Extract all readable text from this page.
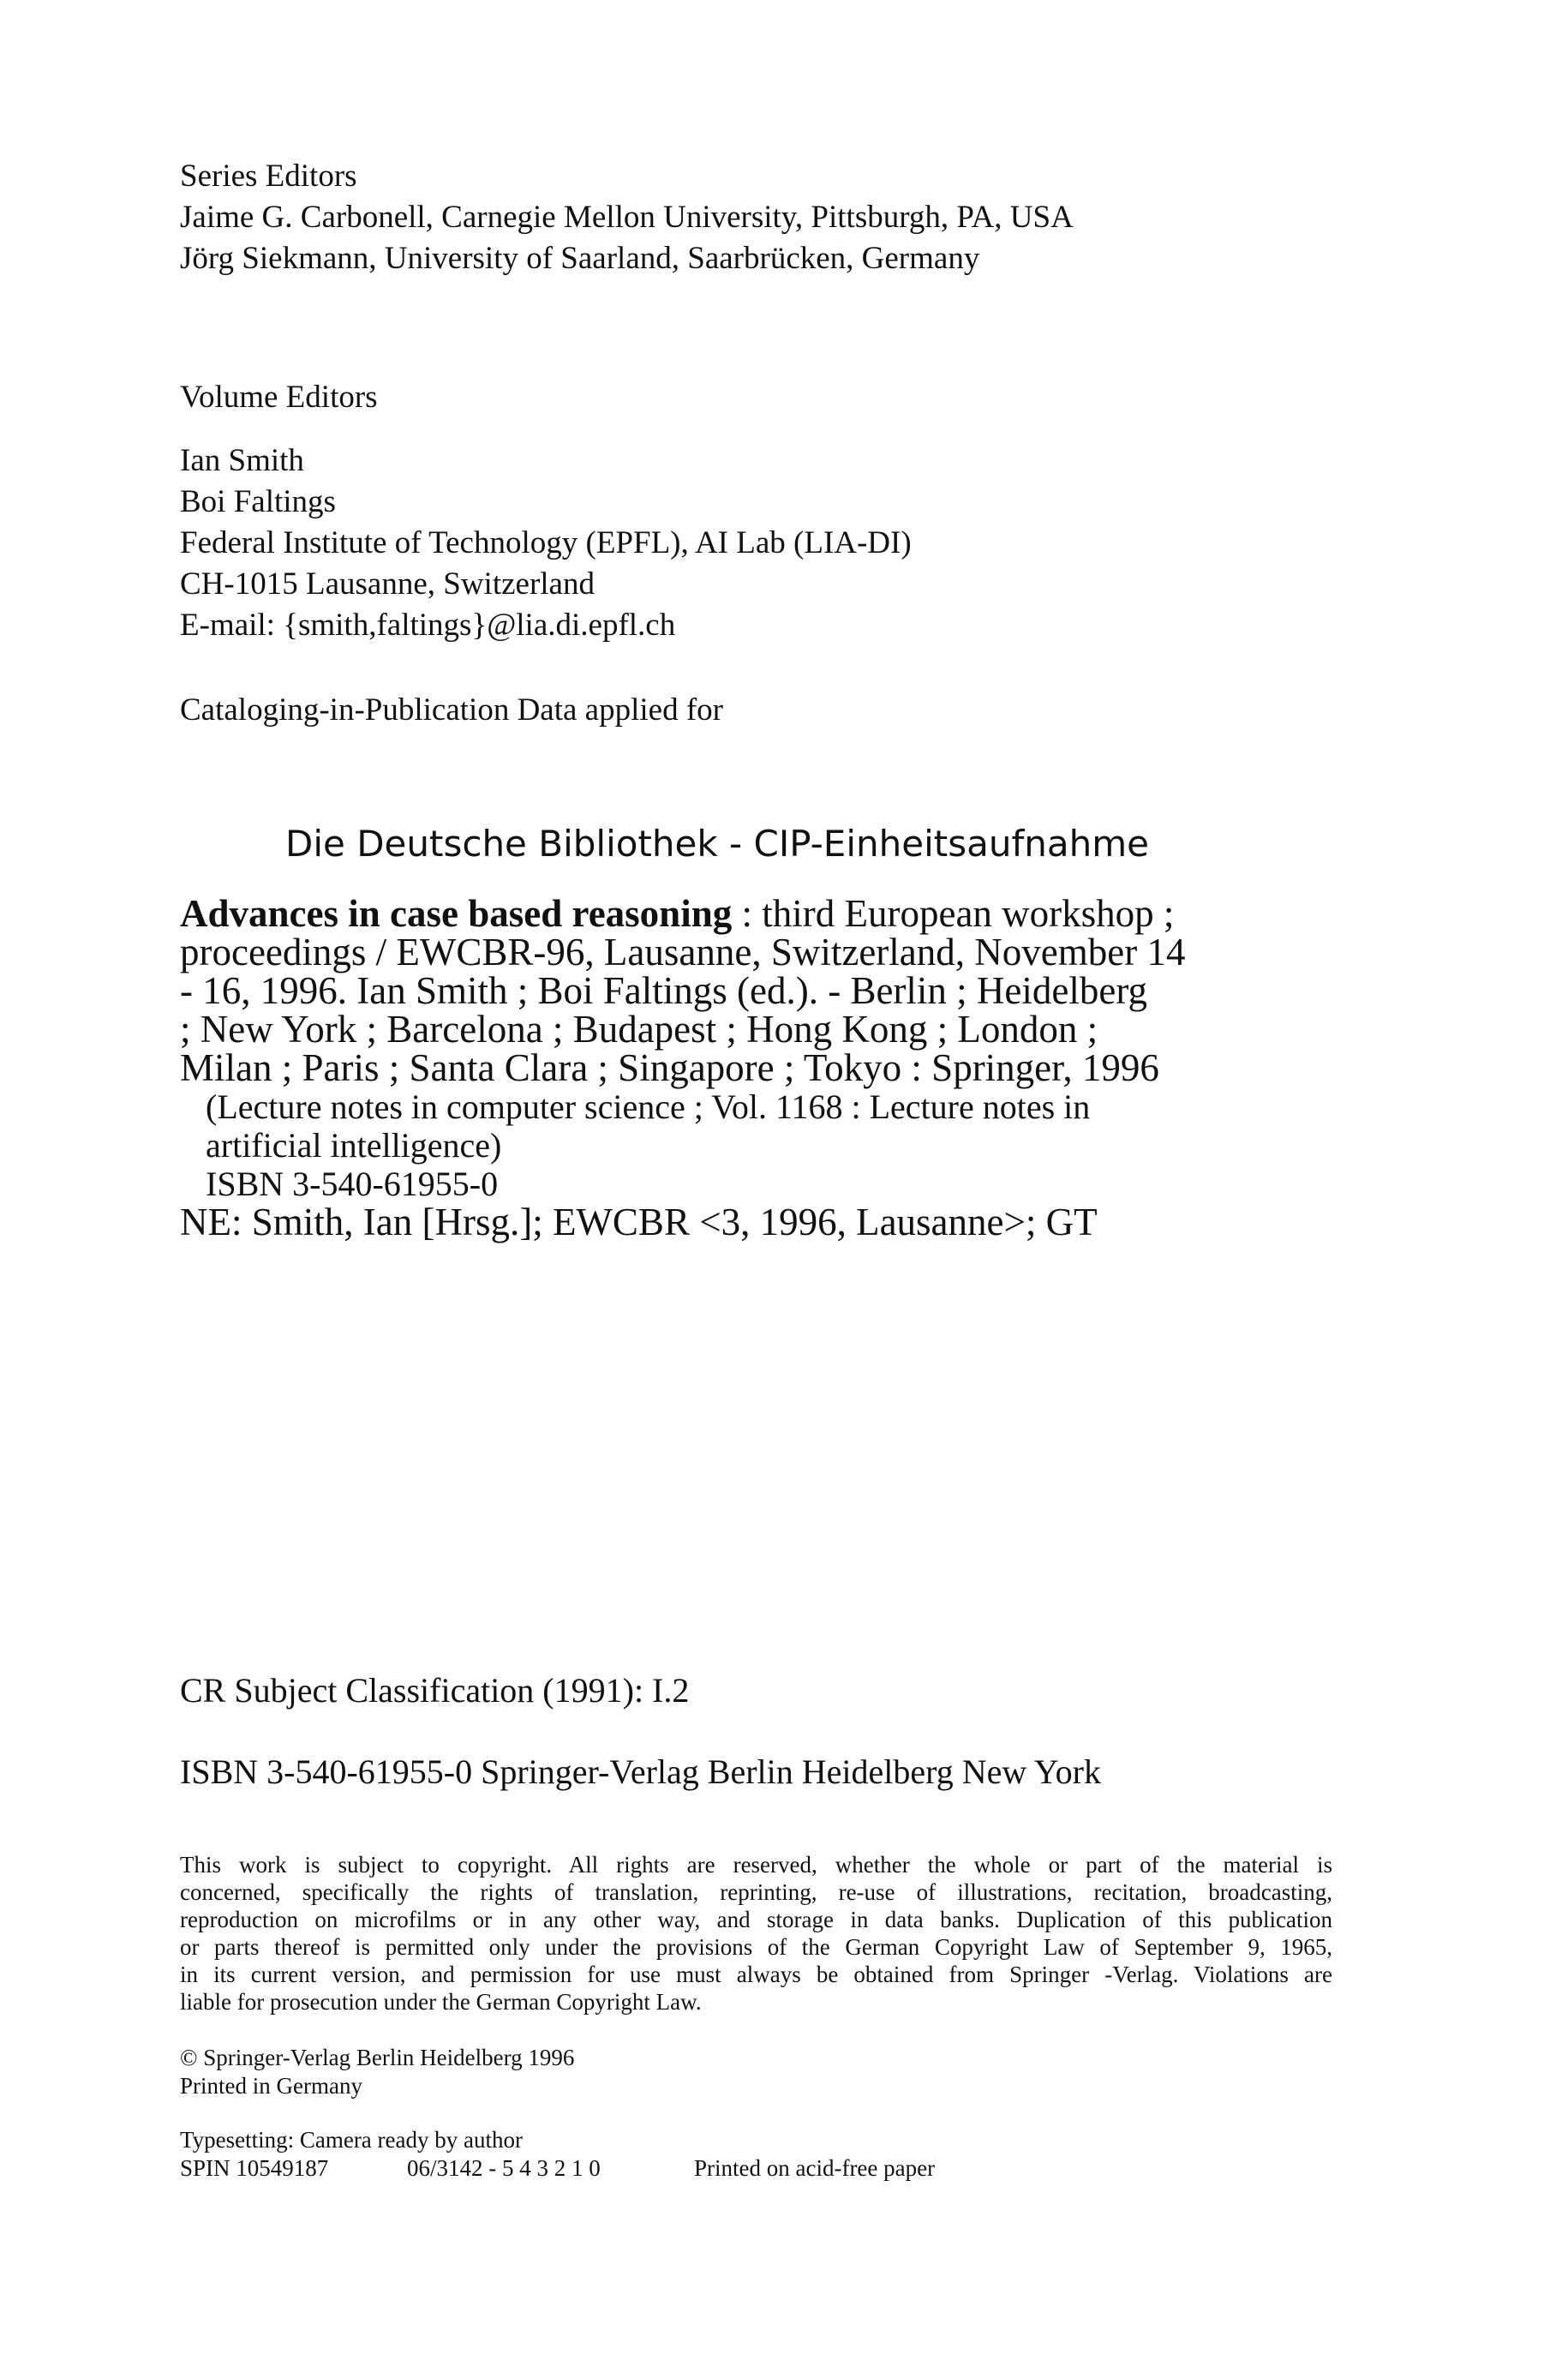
Series Editors
Jaime G. Carbonell, Carnegie Mellon University, Pittsburgh, PA, USA
Jörg Siekmann, University of Saarland, Saarbrücken, Germany
Volume Editors
Ian Smith
Boi Faltings
Federal Institute of Technology (EPFL), AI Lab (LIA-DI)
CH-1015 Lausanne, Switzerland
E-mail: {smith,faltings}@lia.di.epfl.ch
Cataloging-in-Publication Data applied for
Die Deutsche Bibliothek - CIP-Einheitsaufnahme
Advances in case based reasoning : third European workshop ;
proceedings / EWCBR-96, Lausanne, Switzerland, November 14
- 16, 1996. Ian Smith ; Boi Faltings (ed.). - Berlin ; Heidelberg
; New York ; Barcelona ; Budapest ; Hong Kong ; London ;
Milan ; Paris ; Santa Clara ; Singapore ; Tokyo : Springer, 1996
(Lecture notes in computer science ; Vol. 1168 : Lecture notes in
artificial intelligence)
ISBN 3-540-61955-0
NE: Smith, Ian [Hrsg.]; EWCBR <3, 1996, Lausanne>; GT
CR Subject Classification (1991): I.2
ISBN 3-540-61955-0 Springer-Verlag Berlin Heidelberg New York
This work is subject to copyright. All rights are reserved, whether the whole or part of the material is
concerned, specifically the rights of translation, reprinting, re-use of illustrations, recitation, broadcasting,
reproduction on microfilms or in any other way, and storage in data banks. Duplication of this publication
or parts thereof is permitted only under the provisions of the German Copyright Law of September 9, 1965,
in its current version, and permission for use must always be obtained from Springer -Verlag. Violations are
liable for prosecution under the German Copyright Law.
© Springer-Verlag Berlin Heidelberg 1996
Printed in Germany
Typesetting: Camera ready by author
SPIN 10549187	06/3142 - 5 4 3 2 1 0	Printed on acid-free paper
